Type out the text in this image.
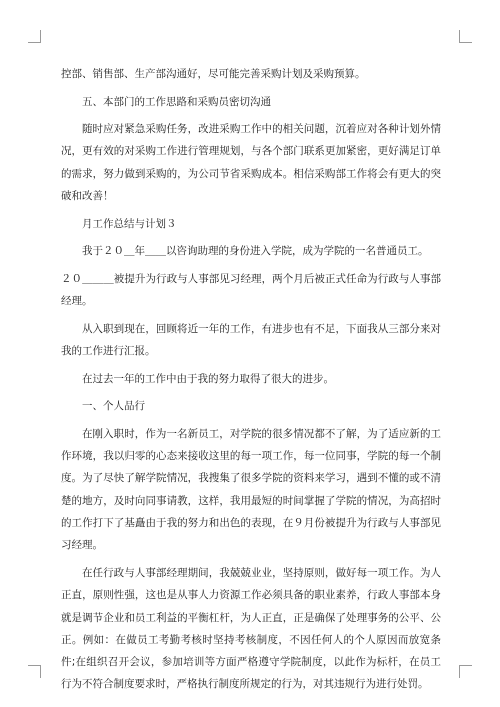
控部、销售部、生产部沟通好，尽可能完善采购计划及采购预算。

五、本部门的工作思路和采购员密切沟通

随时应对紧急采购任务，改进采购工作中的相关问题，沉着应对各种计划外情况，更有效的对采购工作进行管理规划，与各个部门联系更加紧密，更好满足订单的需求，努力做到采购的，为公司节省采购成本。相信采购部工作将会有更大的突破和改善！

月工作总结与计划３

我于２０＿年＿＿以咨询助理的身份进入学院，成为学院的一名普通员工。

２０＿＿＿被提升为行政与人事部见习经理，两个月后被正式任命为行政与人事部经理。

从入职到现在，回顾将近一年的工作，有进步也有不足，下面我从三部分来对我的工作进行汇报。

在过去一年的工作中由于我的努力取得了很大的进步。

一、个人品行

在刚入职时，作为一名新员工，对学院的很多情况都不了解，为了适应新的工作环境，我以归零的心态来接收这里的每一项工作，每一位同事，学院的每一个制度。为了尽快了解学院情况，我搜集了很多学院的资料来学习，遇到不懂的或不清楚的地方，及时向同事请教，这样，我用最短的时间掌握了学院的情况，为高招时的工作打下了基矗由于我的努力和出色的表现，在９月份被提升为行政与人事部见习经理。

在任行政与人事部经理期间，我兢兢业业，坚持原则，做好每一项工作。为人正直，原则性强，这也是从事人力资源工作必须具备的职业素养，行政人事部本身就是调节企业和员工利益的平衡杠杆，为人正直，正是确保了处理事务的公平、公正。例如：在做员工考勤考核时坚持考核制度，不因任何人的个人原因而放宽条件;在组织召开会议，参加培训等方面严格遵守学院制度，以此作为标杆，在员工行为不符合制度要求时，严格执行制度所规定的行为，对其违规行为进行处罚。
